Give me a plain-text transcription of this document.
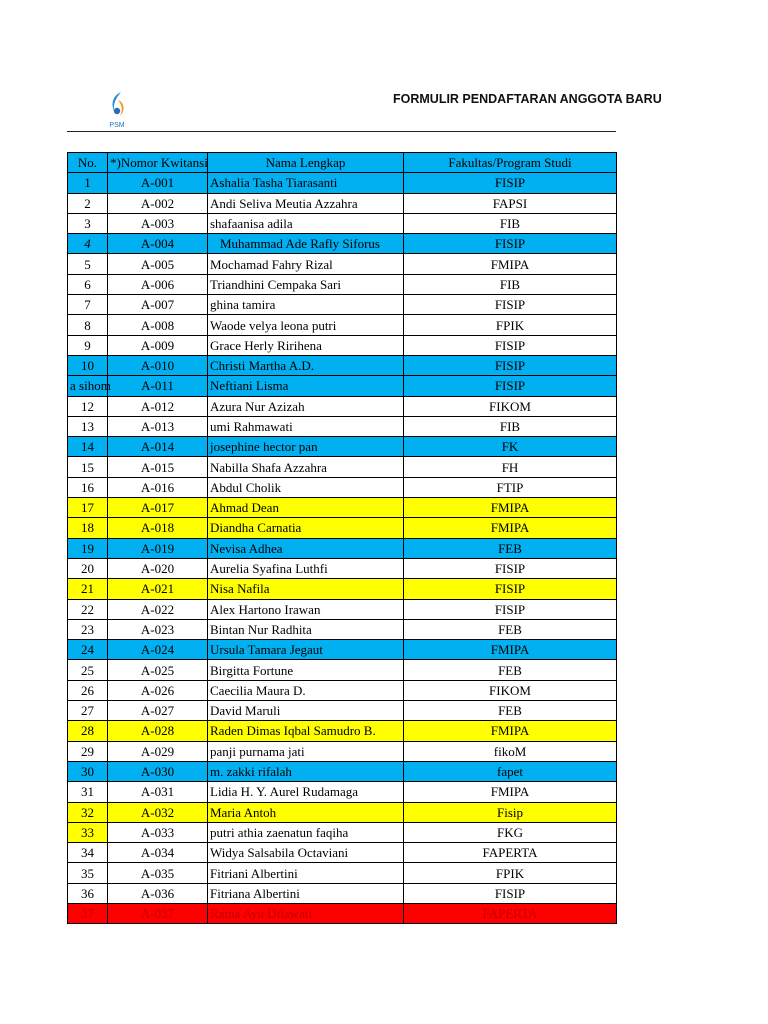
PSM
FORMULIR PENDAFTARAN ANGGOTA BARU
No.	*)Nomor Kwitansi	Nama Lengkap	Fakultas/Program Studi
1	A-001	Ashalia Tasha Tiarasanti	FISIP
2	A-002	Andi Seliva Meutia Azzahra	FAPSI
3	A-003	shafaanisa adila	FIB
4	A-004	Muhammad Ade Rafly Siforus	FISIP
5	A-005	Mochamad Fahry Rizal	FMIPA
6	A-006	Triandhini Cempaka Sari	FIB
7	A-007	ghina tamira	FISIP
8	A-008	Waode velya leona putri	FPIK
9	A-009	Grace Herly Ririhena	FISIP
10	A-010	Christi Martha A.D.	FISIP
a sihom	A-011	Neftiani Lisma	FISIP
12	A-012	Azura Nur Azizah	FIKOM
13	A-013	umi Rahmawati	FIB
14	A-014	josephine hector pan	FK
15	A-015	Nabilla Shafa Azzahra	FH
16	A-016	Abdul Cholik	FTIP
17	A-017	Ahmad Dean	FMIPA
18	A-018	Diandha Carnatia	FMIPA
19	A-019	Nevisa Adhea	FEB
20	A-020	Aurelia Syafina Luthfi	FISIP
21	A-021	Nisa Nafila	FISIP
22	A-022	Alex Hartono Irawan	FISIP
23	A-023	Bintan Nur Radhita	FEB
24	A-024	Ursula Tamara Jegaut	FMIPA
25	A-025	Birgitta Fortune	FEB
26	A-026	Caecilia Maura D.	FIKOM
27	A-027	David Maruli	FEB
28	A-028	Raden Dimas Iqbal Samudro B.	FMIPA
29	A-029	panji purnama jati	fikoM
30	A-030	m. zakki rifalah	fapet
31	A-031	Lidia H. Y. Aurel Rudamaga	FMIPA
32	A-032	Maria Antoh	Fisip
33	A-033	putri athia zaenatun faqiha	FKG
34	A-034	Widya Salsabila Octaviani	FAPERTA
35	A-035	Fitriani Albertini	FPIK
36	A-036	Fitriana Albertini	FISIP
37	A-037	Ratna Ayu Dilawati	FAPERTA
